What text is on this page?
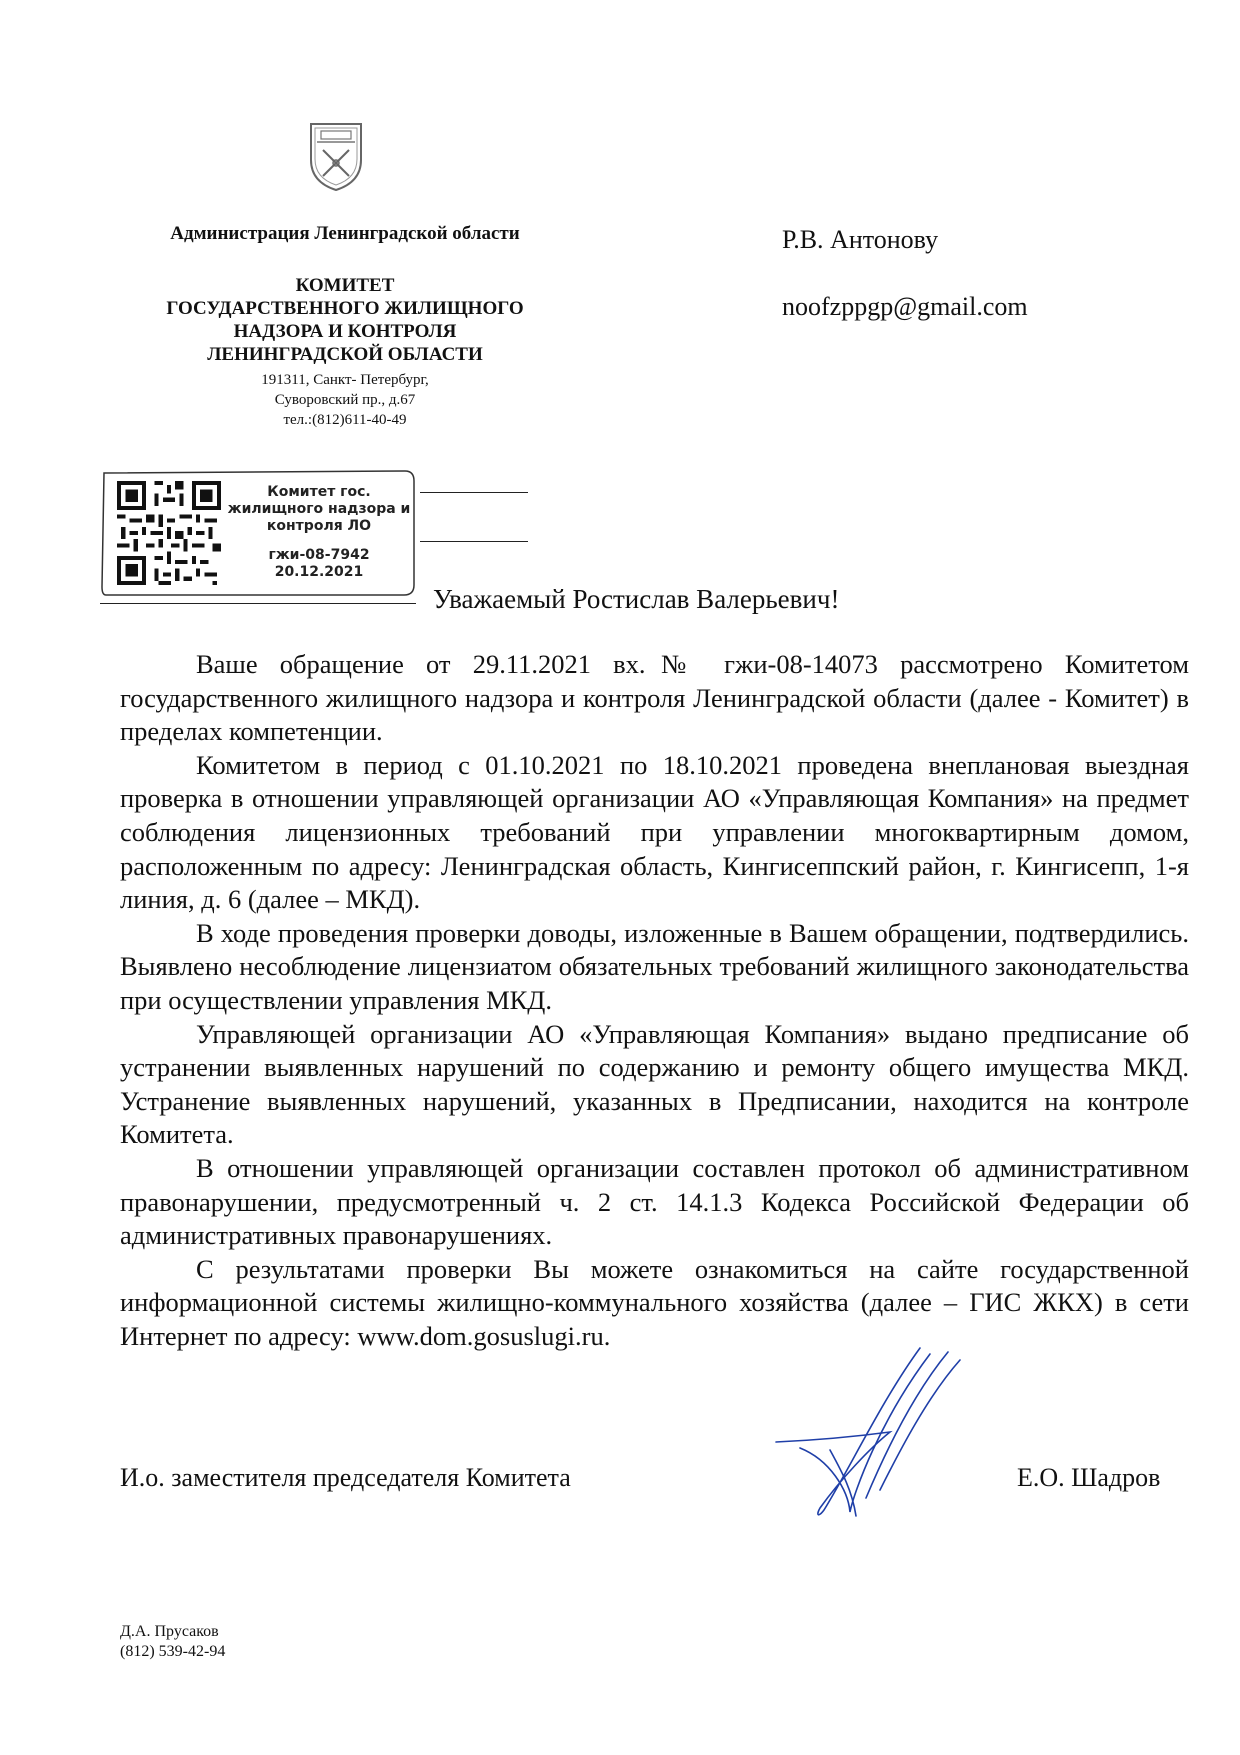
Администрация Ленинградской области
КОМИТЕТ
ГОСУДАРСТВЕННОГО ЖИЛИЩНОГО
НАДЗОРА И КОНТРОЛЯ
ЛЕНИНГРАДСКОЙ ОБЛАСТИ
191311, Санкт- Петербург,
Суворовский пр., д.67
тел.:(812)611-40-49
Р.В. Антонову
noofzppgp@gmail.com
Комитет гос.
жилищного надзора и
контроля ЛО
гжи-08-7942
20.12.2021
Уважаемый Ростислав Валерьевич!

Ваше обращение от 29.11.2021 вх.№ гжи-08-14073 рассмотрено Комитетом государственного жилищного надзора и контроля Ленинградской области (далее - Комитет) в пределах компетенции.

Комитетом в период с 01.10.2021 по 18.10.2021 проведена внеплановая выездная проверка в отношении управляющей организации АО «Управляющая Компания» на предмет соблюдения лицензионных требований при управлении многоквартирным домом, расположенным по адресу: Ленинградская область, Кингисеппский район, г. Кингисепп, 1-я линия, д. 6 (далее – МКД).

В ходе проведения проверки доводы, изложенные в Вашем обращении, подтвердились. Выявлено несоблюдение лицензиатом обязательных требований жилищного законодательства при осуществлении управления МКД.

Управляющей организации АО «Управляющая Компания» выдано предписание об устранении выявленных нарушений по содержанию и ремонту общего имущества МКД. Устранение выявленных нарушений, указанных в Предписании, находится на контроле Комитета.

В отношении управляющей организации составлен протокол об административном правонарушении, предусмотренный ч. 2 ст. 14.1.3 Кодекса Российской Федерации об административных правонарушениях.

С результатами проверки Вы можете ознакомиться на сайте государственной информационной системы жилищно-коммунального хозяйства (далее – ГИС ЖКХ) в сети Интернет по адресу: www.dom.gosuslugi.ru.

И.о. заместителя председателя Комитета	Е.О. Шадров
Д.А. Прусаков
(812) 539-42-94
